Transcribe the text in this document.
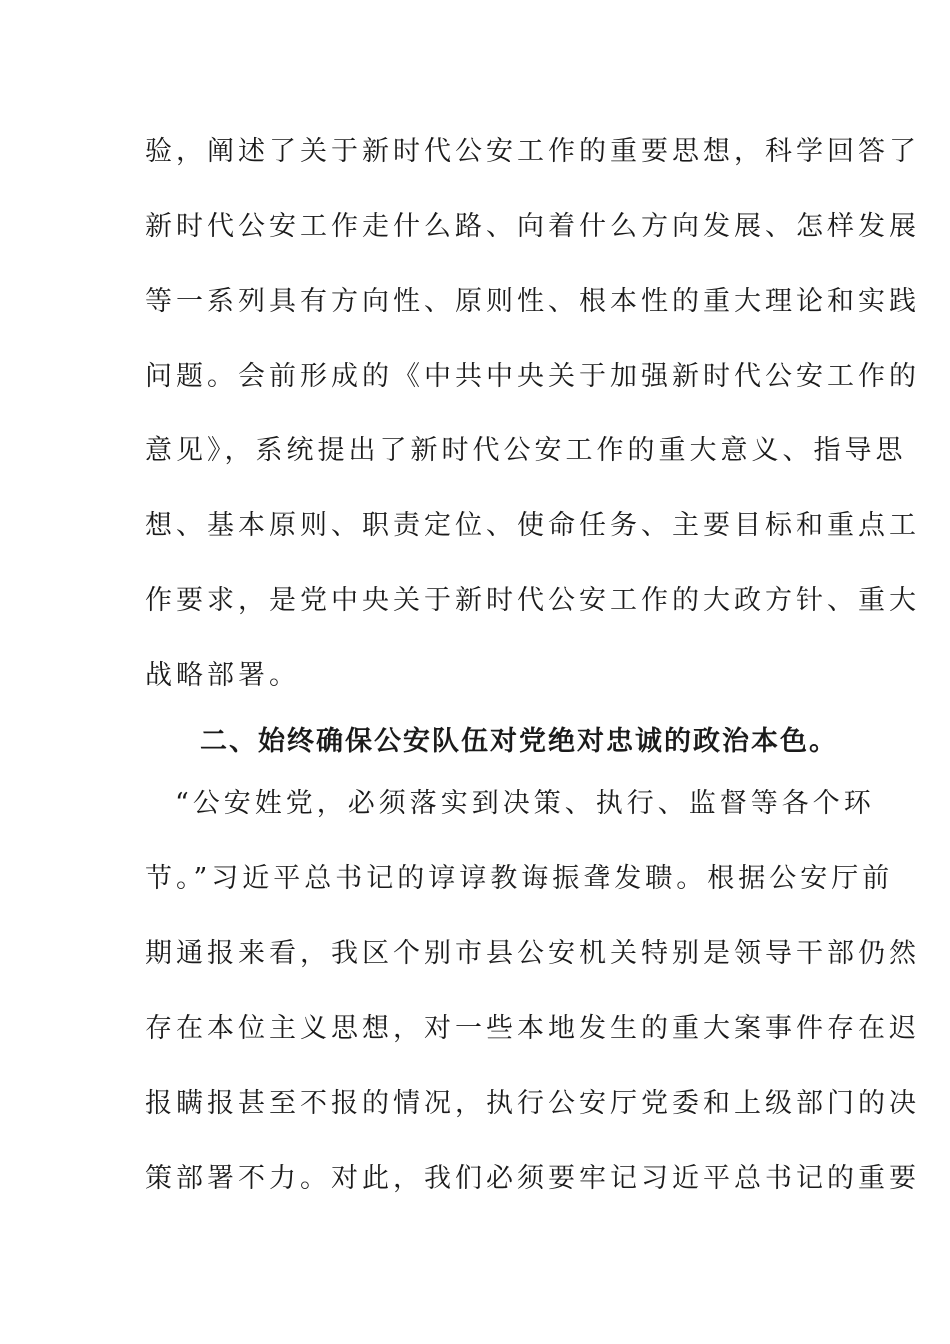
验，阐述了关于新时代公安工作的重要思想，科学回答了
新时代公安工作走什么路、向着什么方向发展、怎样发展
等一系列具有方向性、原则性、根本性的重大理论和实践
问题。会前形成的《中共中央关于加强新时代公安工作的
意见》，系统提出了新时代公安工作的重大意义、指导思
想、基本原则、职责定位、使命任务、主要目标和重点工
作要求，是党中央关于新时代公安工作的大政方针、重大
战略部署。
二、始终确保公安队伍对党绝对忠诚的政治本色。
“公安姓党，必须落实到决策、执行、监督等各个环
节。”习近平总书记的谆谆教诲振聋发聩。根据公安厅前
期通报来看，我区个别市县公安机关特别是领导干部仍然
存在本位主义思想，对一些本地发生的重大案事件存在迟
报瞒报甚至不报的情况，执行公安厅党委和上级部门的决
策部署不力。对此，我们必须要牢记习近平总书记的重要
